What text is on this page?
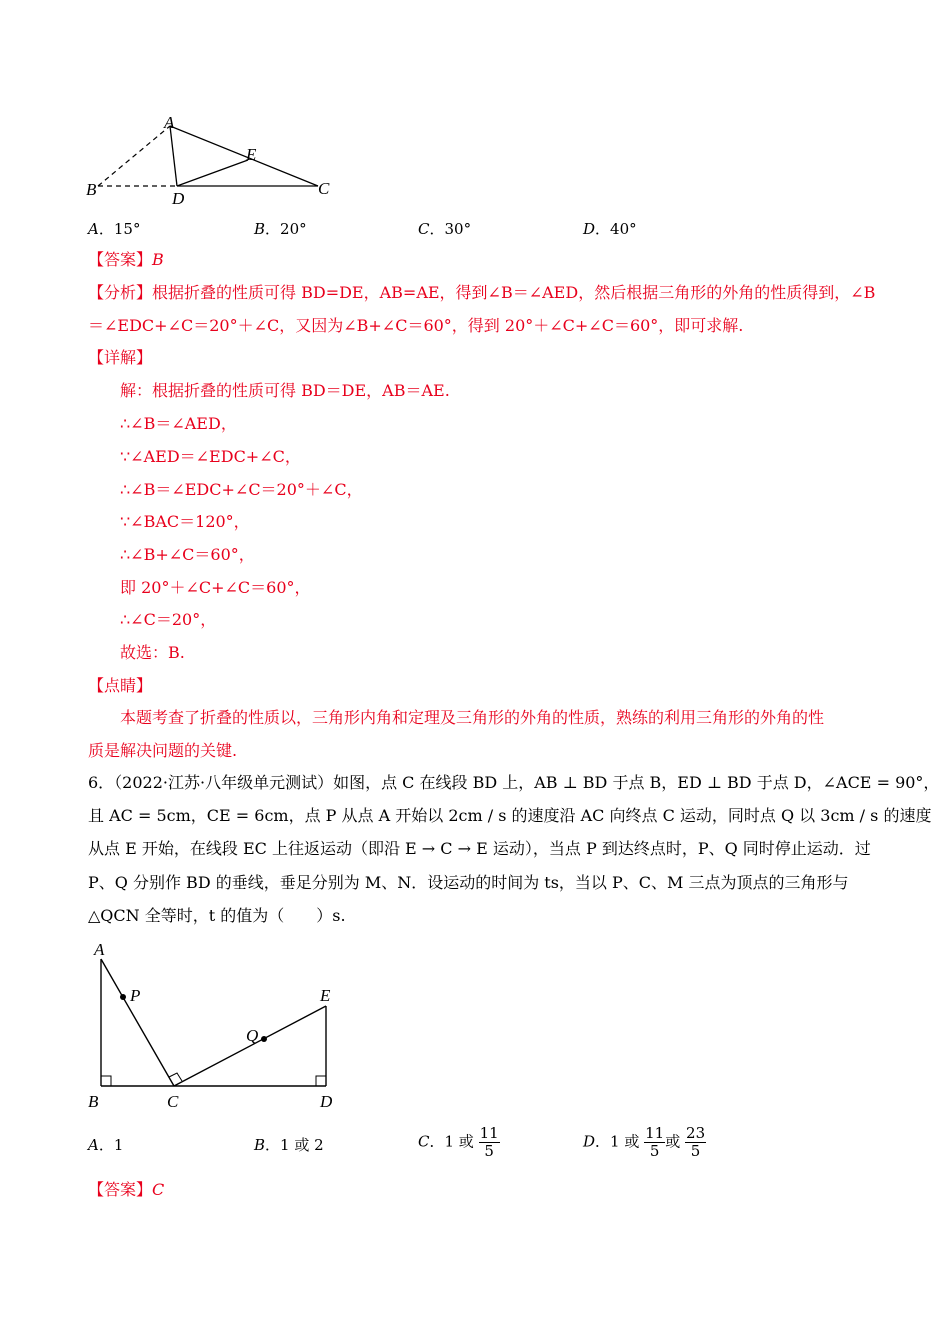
A
E
B	D
C
A．15°	B．20°	C．30°	D．40°
【答案】B
【分析】根据折叠的性质可得 BD=DE，AB=AE，得到∠B＝∠AED，然后根据三角形的外角的性质得到，∠B
＝∠EDC+∠C＝20°＋∠C，又因为∠B+∠C＝60°，得到 20°＋∠C+∠C＝60°，即可求解.
【详解】
解：根据折叠的性质可得 BD＝DE，AB＝AE.
∴∠B＝∠AED，
∵∠AED＝∠EDC+∠C，
∴∠B＝∠EDC+∠C＝20°＋∠C，
∵∠BAC＝120°，
∴∠B+∠C＝60°，
即 20°＋∠C+∠C＝60°，
∴∠C＝20°，
故选：B.
【点睛】
本题考查了折叠的性质以，三角形内角和定理及三角形的外角的性质，熟练的利用三角形的外角的性
质是解决问题的关键.
6．（2022·江苏·八年级单元测试）如图，点 C 在线段 BD 上，AB ⊥ BD 于点 B，ED ⊥ BD 于点 D，∠ACE = 90°，
且 AC = 5cm，CE = 6cm，点 P 从点 A 开始以 2cm / s 的速度沿 AC 向终点 C 运动，同时点 Q 以 3cm / s 的速度
从点 E 开始，在线段 EC 上往返运动（即沿 E → C → E 运动），当点 P 到达终点时，P、Q 同时停止运动．过
P、Q 分别作 BD 的垂线，垂足分别为 M、N．设运动的时间为 ts，当以 P、C、M 三点为顶点的三角形与
△QCN 全等时，t 的值为（　　）s.
A
P	E
Q
B	C	D
A．1	B．1 或 2	C．1 或 $\frac{11}{5}$	D．1 或 $\frac{11}{5}$ 或 $\frac{23}{5}$
【答案】C
